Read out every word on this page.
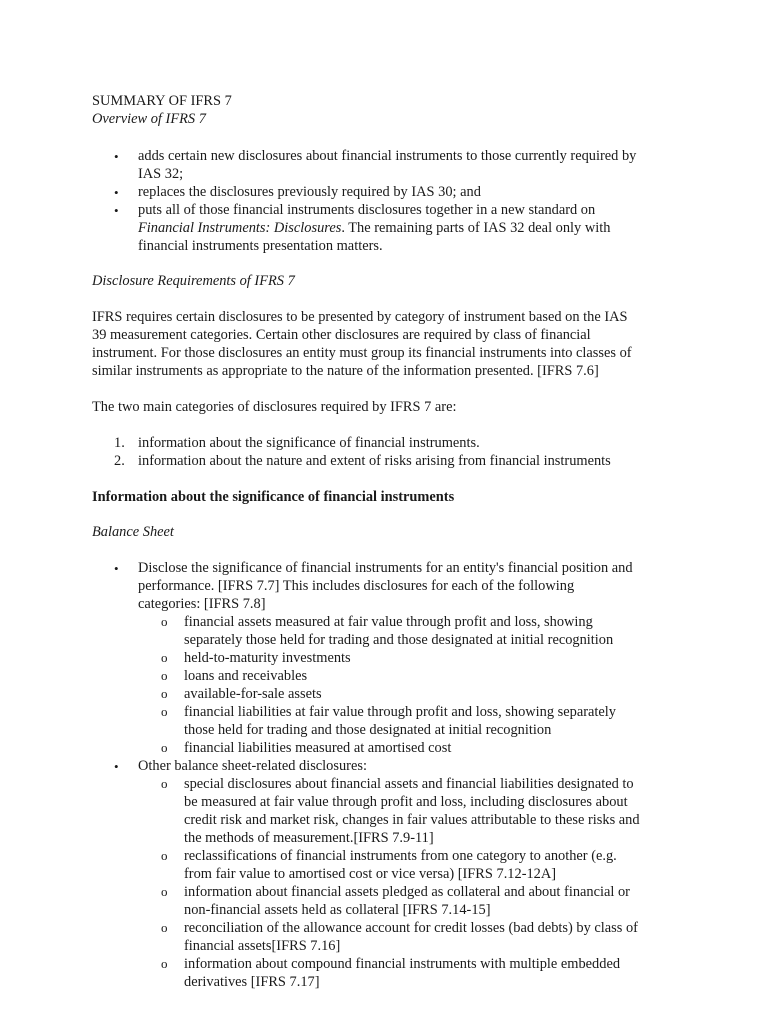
SUMMARY OF IFRS 7

Overview of IFRS 7

• adds certain new disclosures about financial instruments to those currently required by

IAS 32;

• replaces the disclosures previously required by IAS 30; and

• puts all of those financial instruments disclosures together in a new standard on

Financial Instruments: Disclosures. The remaining parts of IAS 32 deal only with

financial instruments presentation matters.

Disclosure Requirements of IFRS 7

IFRS requires certain disclosures to be presented by category of instrument based on the IAS

39 measurement categories. Certain other disclosures are required by class of financial

instrument. For those disclosures an entity must group its financial instruments into classes of

similar instruments as appropriate to the nature of the information presented. [IFRS 7.6]

The two main categories of disclosures required by IFRS 7 are:

1. information about the significance of financial instruments.

2. information about the nature and extent of risks arising from financial instruments

Information about the significance of financial instruments

Balance Sheet

• Disclose the significance of financial instruments for an entity's financial position and

performance. [IFRS 7.7] This includes disclosures for each of the following

categories: [IFRS 7.8]

o financial assets measured at fair value through profit and loss, showing

separately those held for trading and those designated at initial recognition

o held-to-maturity investments

o loans and receivables

o available-for-sale assets

o financial liabilities at fair value through profit and loss, showing separately

those held for trading and those designated at initial recognition

o financial liabilities measured at amortised cost

• Other balance sheet-related disclosures:

o special disclosures about financial assets and financial liabilities designated to

be measured at fair value through profit and loss, including disclosures about

credit risk and market risk, changes in fair values attributable to these risks and

the methods of measurement.[IFRS 7.9-11]

o reclassifications of financial instruments from one category to another (e.g.

from fair value to amortised cost or vice versa) [IFRS 7.12-12A]

o information about financial assets pledged as collateral and about financial or

non-financial assets held as collateral [IFRS 7.14-15]

o reconciliation of the allowance account for credit losses (bad debts) by class of

financial assets[IFRS 7.16]

o information about compound financial instruments with multiple embedded

derivatives [IFRS 7.17]
